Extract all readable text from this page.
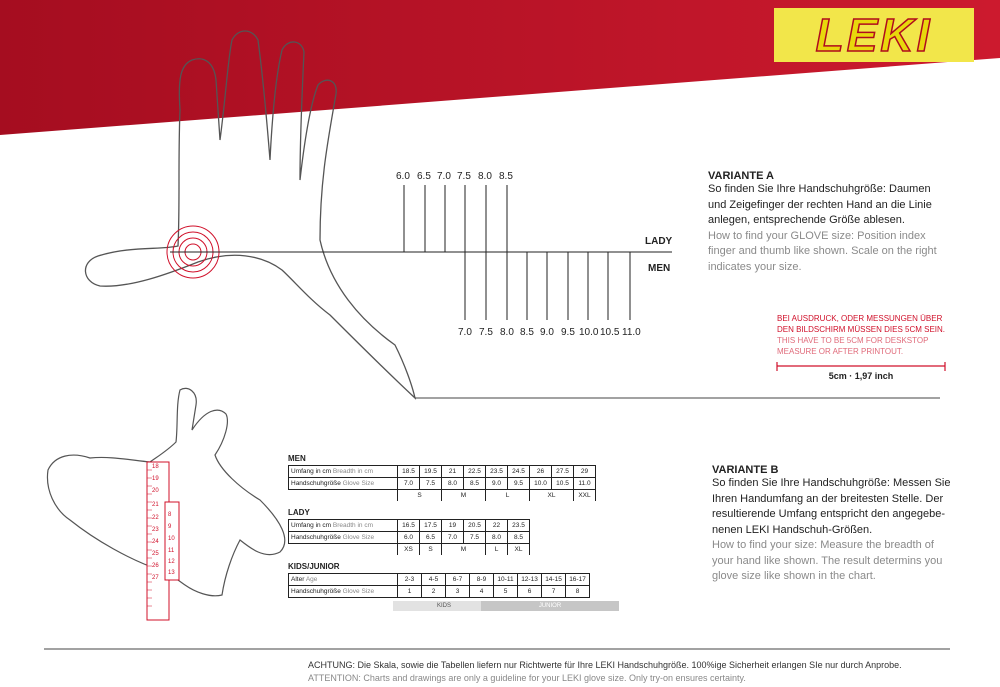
LEKI
18
19
20
21
22
23
24
25
26
27
8
9
10
11
12
13
6.0 6.5 7.0 7.5 8.0 8.5
7.0 7.5 8.0 8.5 9.0 9.5 10.0 10.5 11.0
LADY
MEN
VARIANTE A
So finden Sie Ihre Handschuhgröße: Daumen
und Zeigefinger der rechten Hand an die Linie
anlegen, entsprechende Größe ablesen.
How to find your GLOVE size: Position index
finger and thumb like shown. Scale on the right
indicates your size.
BEI AUSDRUCK, ODER MESSUNGEN ÜBER
DEN BILDSCHIRM MÜSSEN DIES 5CM SEIN.
THIS HAVE TO BE 5CM FOR DESKSTOP
MEASURE OR AFTER PRINTOUT.
5cm · 1,97 inch
VARIANTE B
So finden Sie Ihre Handschuhgröße: Messen Sie
Ihren Handumfang an der breitesten Stelle. Der
resultierende Umfang entspricht den angegebe-
nenen LEKI Handschuh-Größen.
How to find your size: Measure the breadth of
your hand like shown. The result determins you
glove size like shown in the chart.
MEN
Umfang in cm Breadth in cm	18.5	19.5	21	22.5	23.5	24.5	26	27.5	29
Handschuhgröße Glove Size	7.0	7.5	8.0	8.5	9.0	9.5	10.0	10.5	11.0
	S		M		L		XL		XXL
LADY
Umfang in cm Breadth in cm	16.5	17.5	19	20.5	22	23.5
Handschuhgröße Glove Size	6.0	6.5	7.0	7.5	8.0	8.5
	XS	S	M		L	XL
KIDS/JUNIOR
Alter Age	2-3	4-5	6-7	8-9	10-11	12-13	14-15	16-17
Handschuhgröße Glove Size	1	2	3	4	5	6	7	8
KIDS	JUNIOR
ACHTUNG: Die Skala, sowie die Tabellen liefern nur Richtwerte für Ihre LEKI Handschuhgröße. 100%ige Sicherheit erlangen SIe nur durch Anprobe.
ATTENTION: Charts and drawings are only a guideline for your LEKI glove size. Only try-on ensures certainty.
